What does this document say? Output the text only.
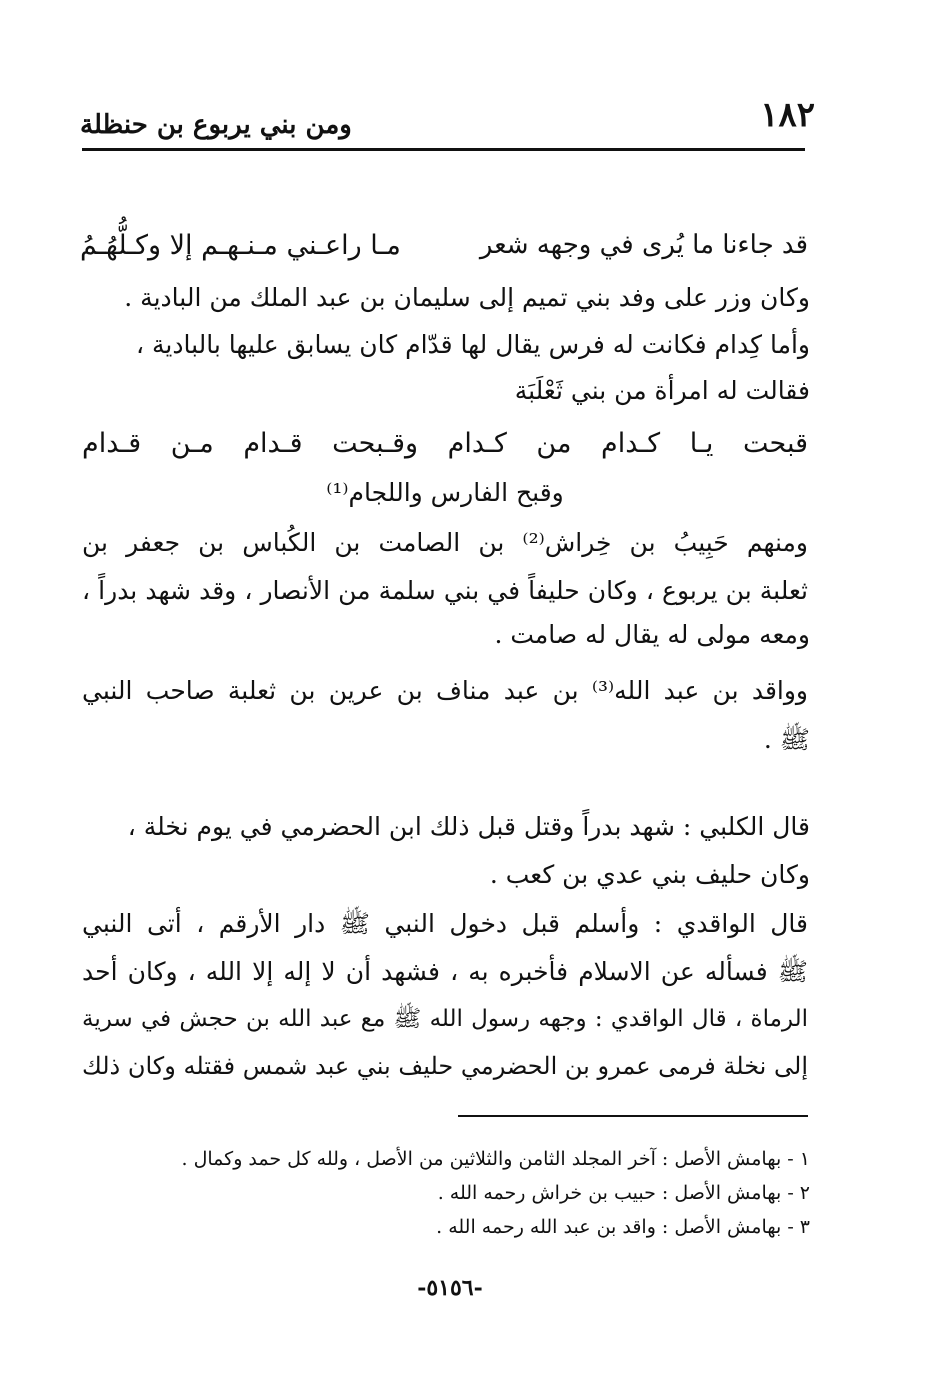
١٨٢
ومن بني يربوع بن حنظلة
قد جاءنا ما يُرى في وجهه شعر
مـا راعـني مـنـهـم إلا وكـلُّهُـمُ
وكان وزر على وفد بني تميم إلى سليمان بن عبد الملك من البادية .
وأما كِدام فكانت له فرس يقال لها قدّام كان يسابق عليها بالبادية ،
فقالت له امرأة من بني ثَعْلَبَة
قبحت يـا كـدام من كـدام وقـبحت قـدام مـن قـدام
وقبح الفارس واللجام⁽¹⁾
ومنهم حَبِيبُ بن خِراش⁽²⁾ بن الصامت بن الكُباس بن جعفر بن
ثعلبة بن يربوع ، وكان حليفاً في بني سلمة من الأنصار ، وقد شهد بدراً ،
ومعه مولى له يقال له صامت .
وواقد بن عبد الله⁽³⁾ بن عبد مناف بن عرين بن ثعلبة صاحب النبي
ﷺ .
قال الكلبي : شهد بدراً وقتل قبل ذلك ابن الحضرمي في يوم نخلة ،
وكان حليف بني عدي بن كعب .
قال الواقدي : وأسلم قبل دخول النبي ﷺ دار الأرقم ، أتى النبي
ﷺ فسأله عن الاسلام فأخبره به ، فشهد أن لا إله إلا الله ، وكان أحد
الرماة ، قال الواقدي : وجهه رسول الله ﷺ مع عبد الله بن حجش في سرية
إلى نخلة فرمى عمرو بن الحضرمي حليف بني عبد شمس فقتله وكان ذلك
١ - بهامش الأصل : آخر المجلد الثامن والثلاثين من الأصل ، ولله كل حمد وكمال .
٢ - بهامش الأصل : حبيب بن خراش رحمه الله .
٣ - بهامش الأصل : واقد بن عبد الله رحمه الله .
-٥١٥٦-
